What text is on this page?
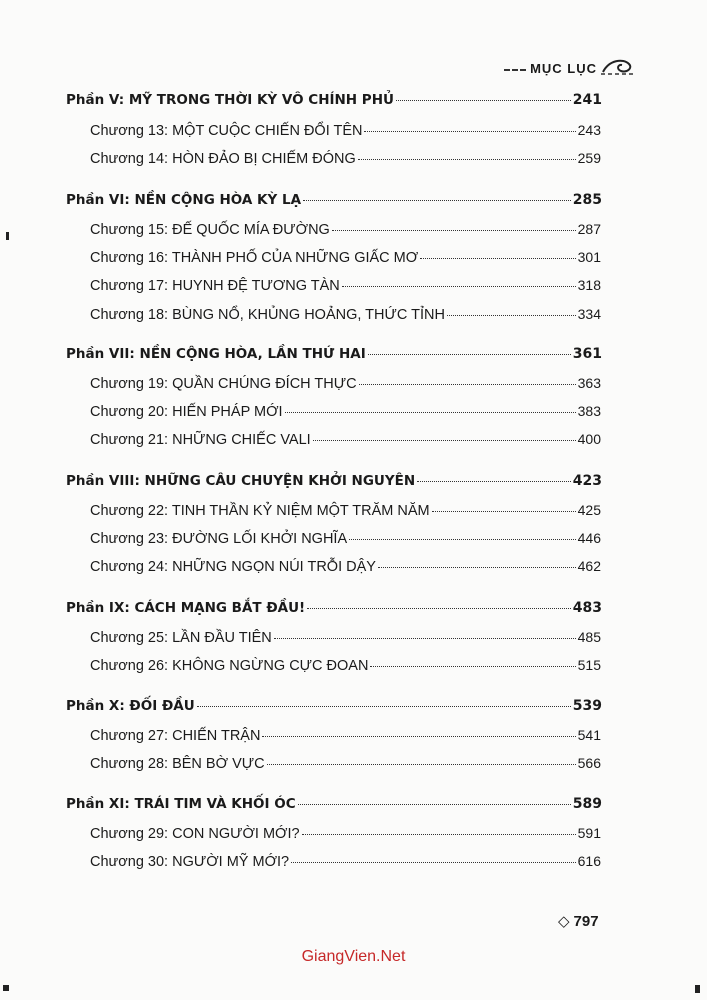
MỤC LỤC
Phần V: MỸ TRONG THỜI KỲ VÔ CHÍNH PHỦ	241
Chương 13: MỘT CUỘC CHIẾN ĐỔI TÊN	243
Chương 14: HÒN ĐẢO BỊ CHIẾM ĐÓNG	259
Phần VI: NỀN CỘNG HÒA KỲ LẠ	285
Chương 15: ĐẾ QUỐC MÍA ĐƯỜNG	287
Chương 16: THÀNH PHỐ CỦA NHỮNG GIẤC MƠ	301
Chương 17: HUYNH ĐỆ TƯƠNG TÀN	318
Chương 18: BÙNG NỔ, KHỦNG HOẢNG, THỨC TỈNH	334
Phần VII: NỀN CỘNG HÒA, LẦN THỨ HAI	361
Chương 19: QUẦN CHÚNG ĐÍCH THỰC	363
Chương 20: HIẾN PHÁP MỚI	383
Chương 21: NHỮNG CHIẾC VALI	400
Phần VIII: NHỮNG CÂU CHUYỆN KHỞI NGUYÊN	423
Chương 22: TINH THẦN KỶ NIỆM MỘT TRĂM NĂM	425
Chương 23: ĐƯỜNG LỐI KHỞI NGHĨA	446
Chương 24: NHỮNG NGỌN NÚI TRỖI DẬY	462
Phần IX: CÁCH MẠNG BẮT ĐẦU!	483
Chương 25: LẦN ĐẦU TIÊN	485
Chương 26: KHÔNG NGỪNG CỰC ĐOAN	515
Phần X: ĐỐI ĐẦU	539
Chương 27: CHIẾN TRẬN	541
Chương 28: BÊN BỜ VỰC	566
Phần XI: TRÁI TIM VÀ KHỐI ÓC	589
Chương 29: CON NGƯỜI MỚI?	591
Chương 30: NGƯỜI MỸ MỚI?	616
◇ 797
GiangVien.Net
